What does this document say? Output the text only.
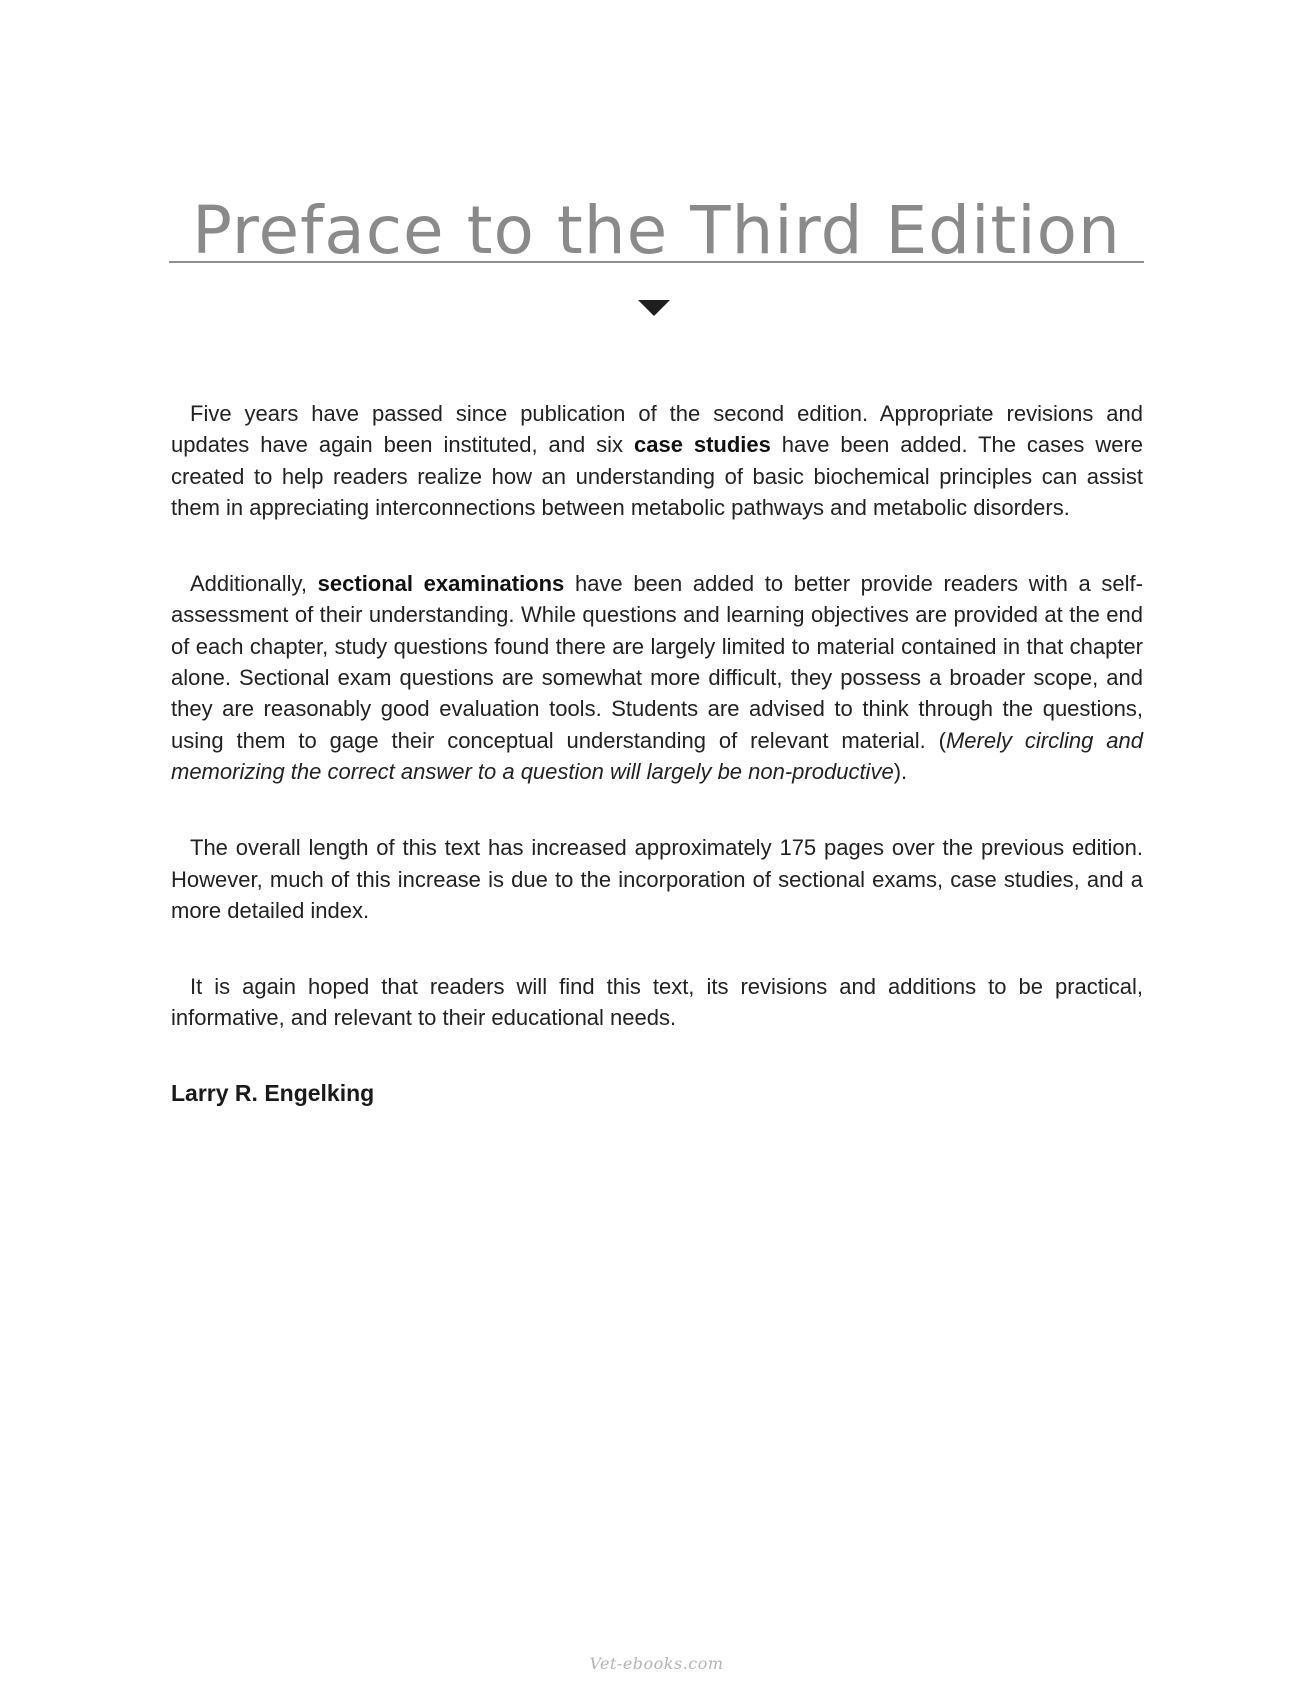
Preface to the Third Edition

Five years have passed since publication of the second edition. Appropriate revisions and updates have again been instituted, and six case studies have been added. The cases were created to help readers realize how an understanding of basic biochemical principles can assist them in appreciating interconnections between metabolic pathways and metabolic disorders.

Additionally, sectional examinations have been added to better provide readers with a self-assessment of their understanding. While questions and learning objectives are provided at the end of each chapter, study questions found there are largely limited to material contained in that chapter alone. Sectional exam questions are somewhat more difficult, they possess a broader scope, and they are reasonably good evaluation tools. Students are advised to think through the questions, using them to gage their conceptual understanding of relevant material. (Merely circling and memorizing the correct answer to a question will largely be non-productive).

The overall length of this text has increased approximately 175 pages over the previous edition. However, much of this increase is due to the incorporation of sectional exams, case studies, and a more detailed index.

It is again hoped that readers will find this text, its revisions and additions to be practical, informative, and relevant to their educational needs.

Larry R. Engelking
Vet-ebooks.com
